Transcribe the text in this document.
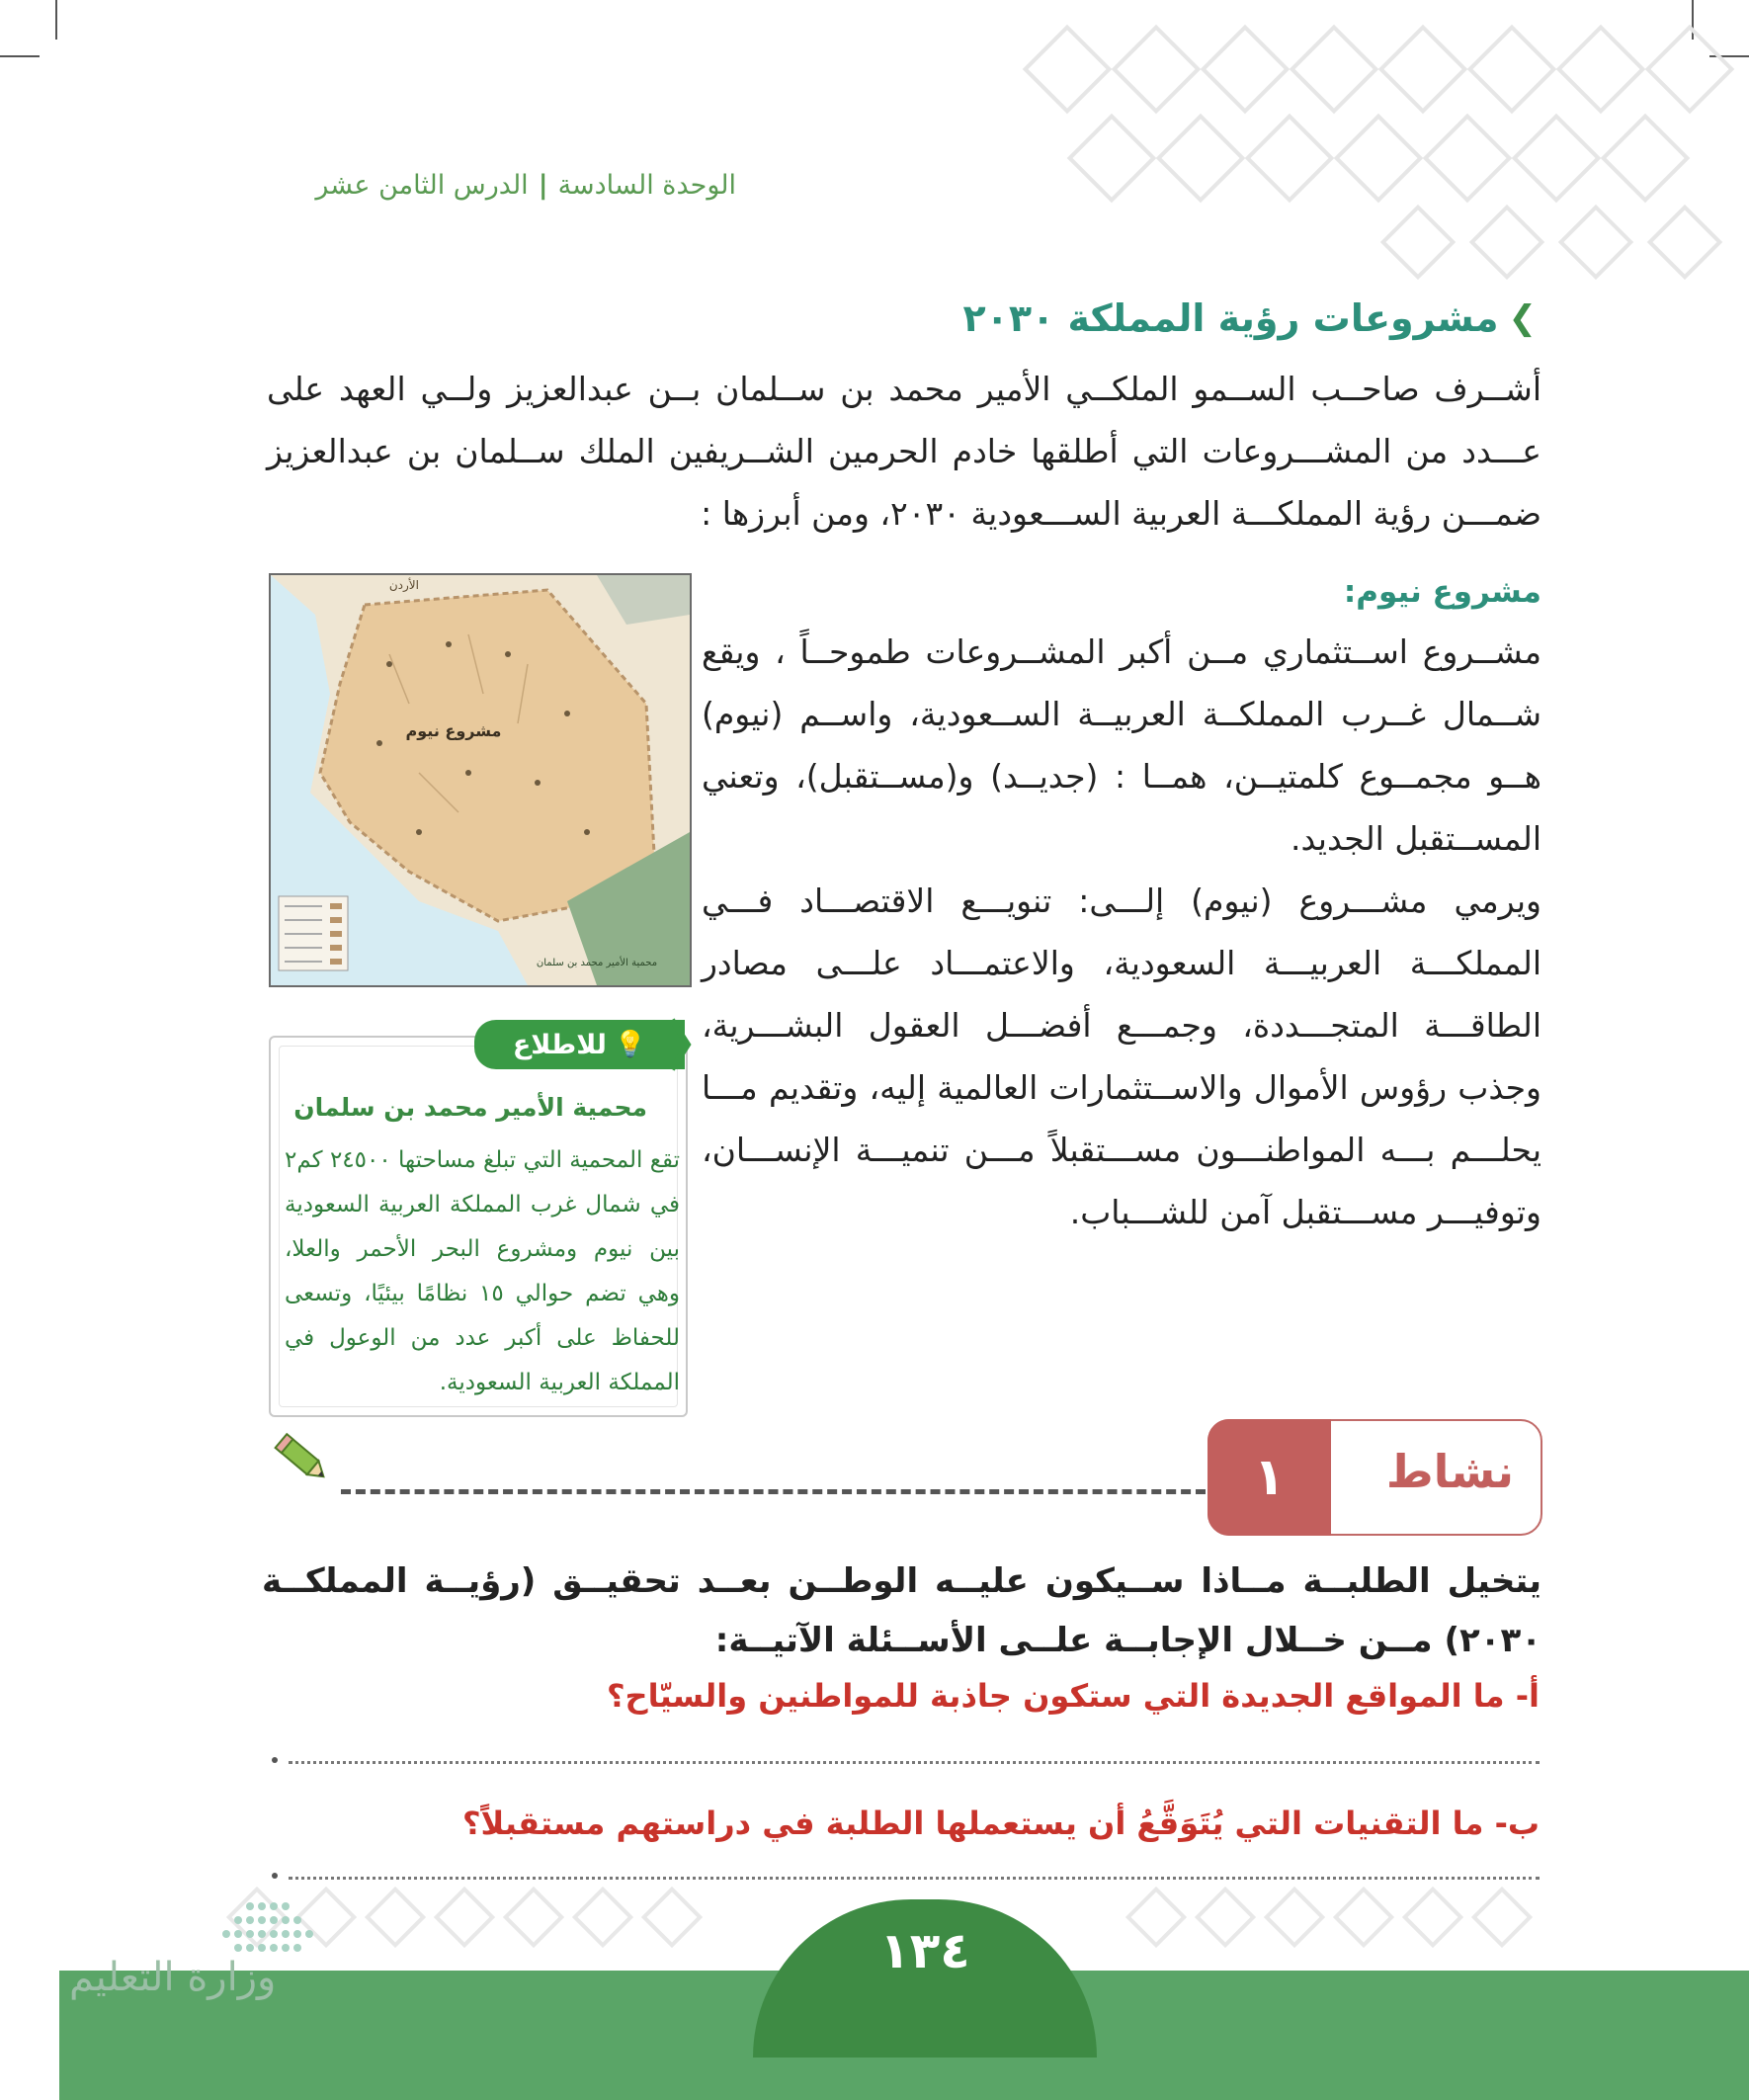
الوحدة السادسة|الدرس الثامن عشر
❯
مشروعات رؤية المملكة ٢٠٣٠
أشــرف صاحــب الســمو الملكــي الأمير محمد بن ســلمان بــن عبدالعزيز ولــي العهد على عـــدد من المشـــروعات التي أطلقها خادم الحرمين الشــريفين الملك ســلمان بن عبدالعزيز ضمـــن رؤية المملكـــة العربية الســـعودية ٢٠٣٠، ومن أبرزها :
مشروع نيوم:
مشــروع اســتثماري مــن أكبر المشــروعات طموحــاً ، ويقع شــمال غــرب المملكــة العربيــة الســعودية، واســم (نيوم) هــو مجمــوع كلمتيــن، همــا : (جديــد) و(مســتقبل)، وتعني المســتقبل الجديد.
ويرمي مشـــروع (نيوم) إلـــى: تنويـــع الاقتصـــاد فـــي المملكـــة العربيـــة السعودية، والاعتمـــاد علـــى مصادر الطاقـــة المتجـــددة، وجمـــع أفضـــل العقول البشـــرية، وجذب رؤوس الأموال والاســتثمارات العالمية إليه، وتقديم مـــا يحلـــم بـــه المواطنـــون مســـتقبلاً مـــن تنميـــة الإنســـان، وتوفيـــر مســـتقبل آمن للشـــباب.
الأردن
مشروع نيوم
محمية الأمير محمد بن سلمان
💡
للاطلاع
محمية الأمير محمد بن سلمان
تقع المحمية التي تبلغ مساحتها ٢٤٥٠٠ كم٢ في شمال غرب المملكة العربية السعودية بين نيوم ومشروع البحر الأحمر والعلا، وهي تضم حوالي ١٥ نظامًا بيئيًا، وتسعى للحفاظ على أكبر عدد من الوعول في المملكة العربية السعودية.
١	نشاط
يتخيل الطلبــة مــاذا ســيكون عليــه الوطــن بعــد تحقيــق (رؤيــة المملكــة ٢٠٣٠) مــن خــلال الإجابــة علــى الأســئلة الآتيــة:
أ- ما المواقع الجديدة التي ستكون جاذبة للمواطنين والسيّاح؟
ب- ما التقنيات التي يُتَوَقَّعُ أن يستعملها الطلبة في دراستهم مستقبلاً؟
١٣٤
وزارة التعليم
